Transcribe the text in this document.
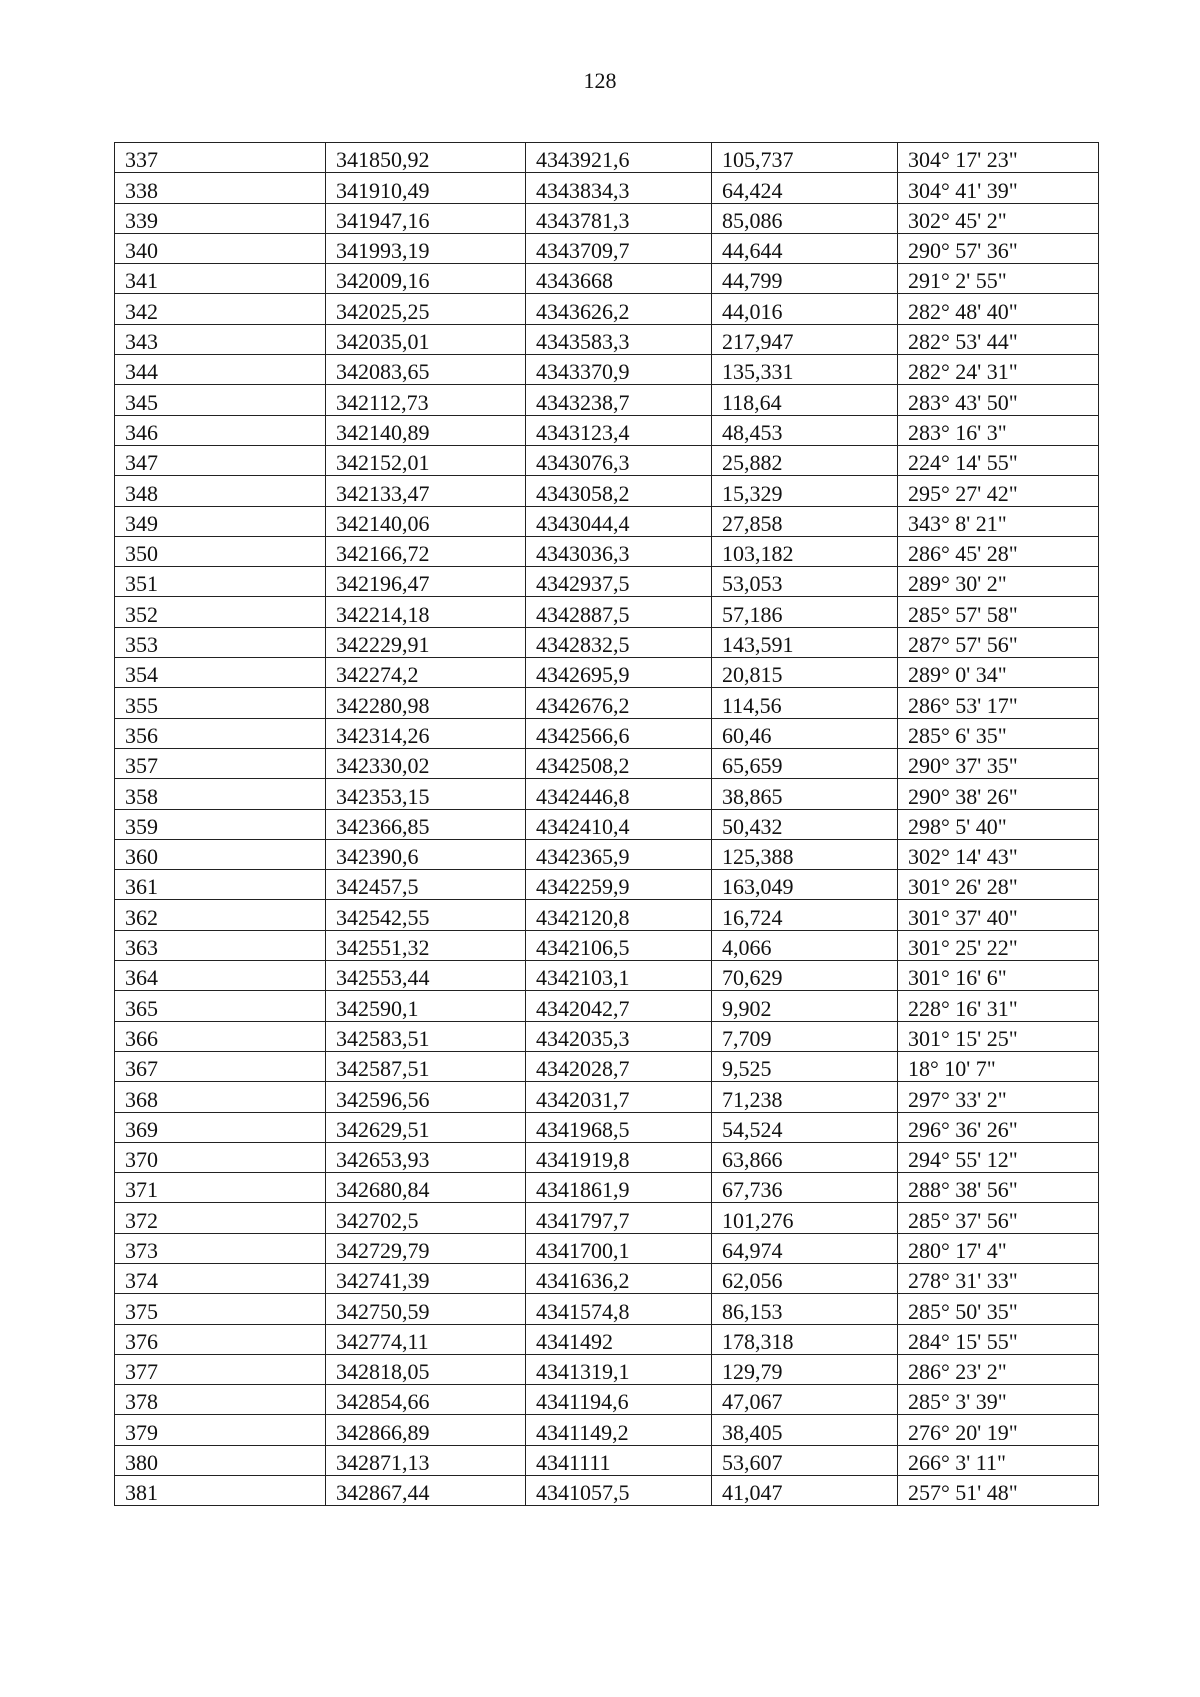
128
337	341850,92	4343921,6	105,737	304° 17' 23"
338	341910,49	4343834,3	64,424	304° 41' 39"
339	341947,16	4343781,3	85,086	302° 45' 2"
340	341993,19	4343709,7	44,644	290° 57' 36"
341	342009,16	4343668	44,799	291° 2' 55"
342	342025,25	4343626,2	44,016	282° 48' 40"
343	342035,01	4343583,3	217,947	282° 53' 44"
344	342083,65	4343370,9	135,331	282° 24' 31"
345	342112,73	4343238,7	118,64	283° 43' 50"
346	342140,89	4343123,4	48,453	283° 16' 3"
347	342152,01	4343076,3	25,882	224° 14' 55"
348	342133,47	4343058,2	15,329	295° 27' 42"
349	342140,06	4343044,4	27,858	343° 8' 21"
350	342166,72	4343036,3	103,182	286° 45' 28"
351	342196,47	4342937,5	53,053	289° 30' 2"
352	342214,18	4342887,5	57,186	285° 57' 58"
353	342229,91	4342832,5	143,591	287° 57' 56"
354	342274,2	4342695,9	20,815	289° 0' 34"
355	342280,98	4342676,2	114,56	286° 53' 17"
356	342314,26	4342566,6	60,46	285° 6' 35"
357	342330,02	4342508,2	65,659	290° 37' 35"
358	342353,15	4342446,8	38,865	290° 38' 26"
359	342366,85	4342410,4	50,432	298° 5' 40"
360	342390,6	4342365,9	125,388	302° 14' 43"
361	342457,5	4342259,9	163,049	301° 26' 28"
362	342542,55	4342120,8	16,724	301° 37' 40"
363	342551,32	4342106,5	4,066	301° 25' 22"
364	342553,44	4342103,1	70,629	301° 16' 6"
365	342590,1	4342042,7	9,902	228° 16' 31"
366	342583,51	4342035,3	7,709	301° 15' 25"
367	342587,51	4342028,7	9,525	18° 10' 7"
368	342596,56	4342031,7	71,238	297° 33' 2"
369	342629,51	4341968,5	54,524	296° 36' 26"
370	342653,93	4341919,8	63,866	294° 55' 12"
371	342680,84	4341861,9	67,736	288° 38' 56"
372	342702,5	4341797,7	101,276	285° 37' 56"
373	342729,79	4341700,1	64,974	280° 17' 4"
374	342741,39	4341636,2	62,056	278° 31' 33"
375	342750,59	4341574,8	86,153	285° 50' 35"
376	342774,11	4341492	178,318	284° 15' 55"
377	342818,05	4341319,1	129,79	286° 23' 2"
378	342854,66	4341194,6	47,067	285° 3' 39"
379	342866,89	4341149,2	38,405	276° 20' 19"
380	342871,13	4341111	53,607	266° 3' 11"
381	342867,44	4341057,5	41,047	257° 51' 48"
